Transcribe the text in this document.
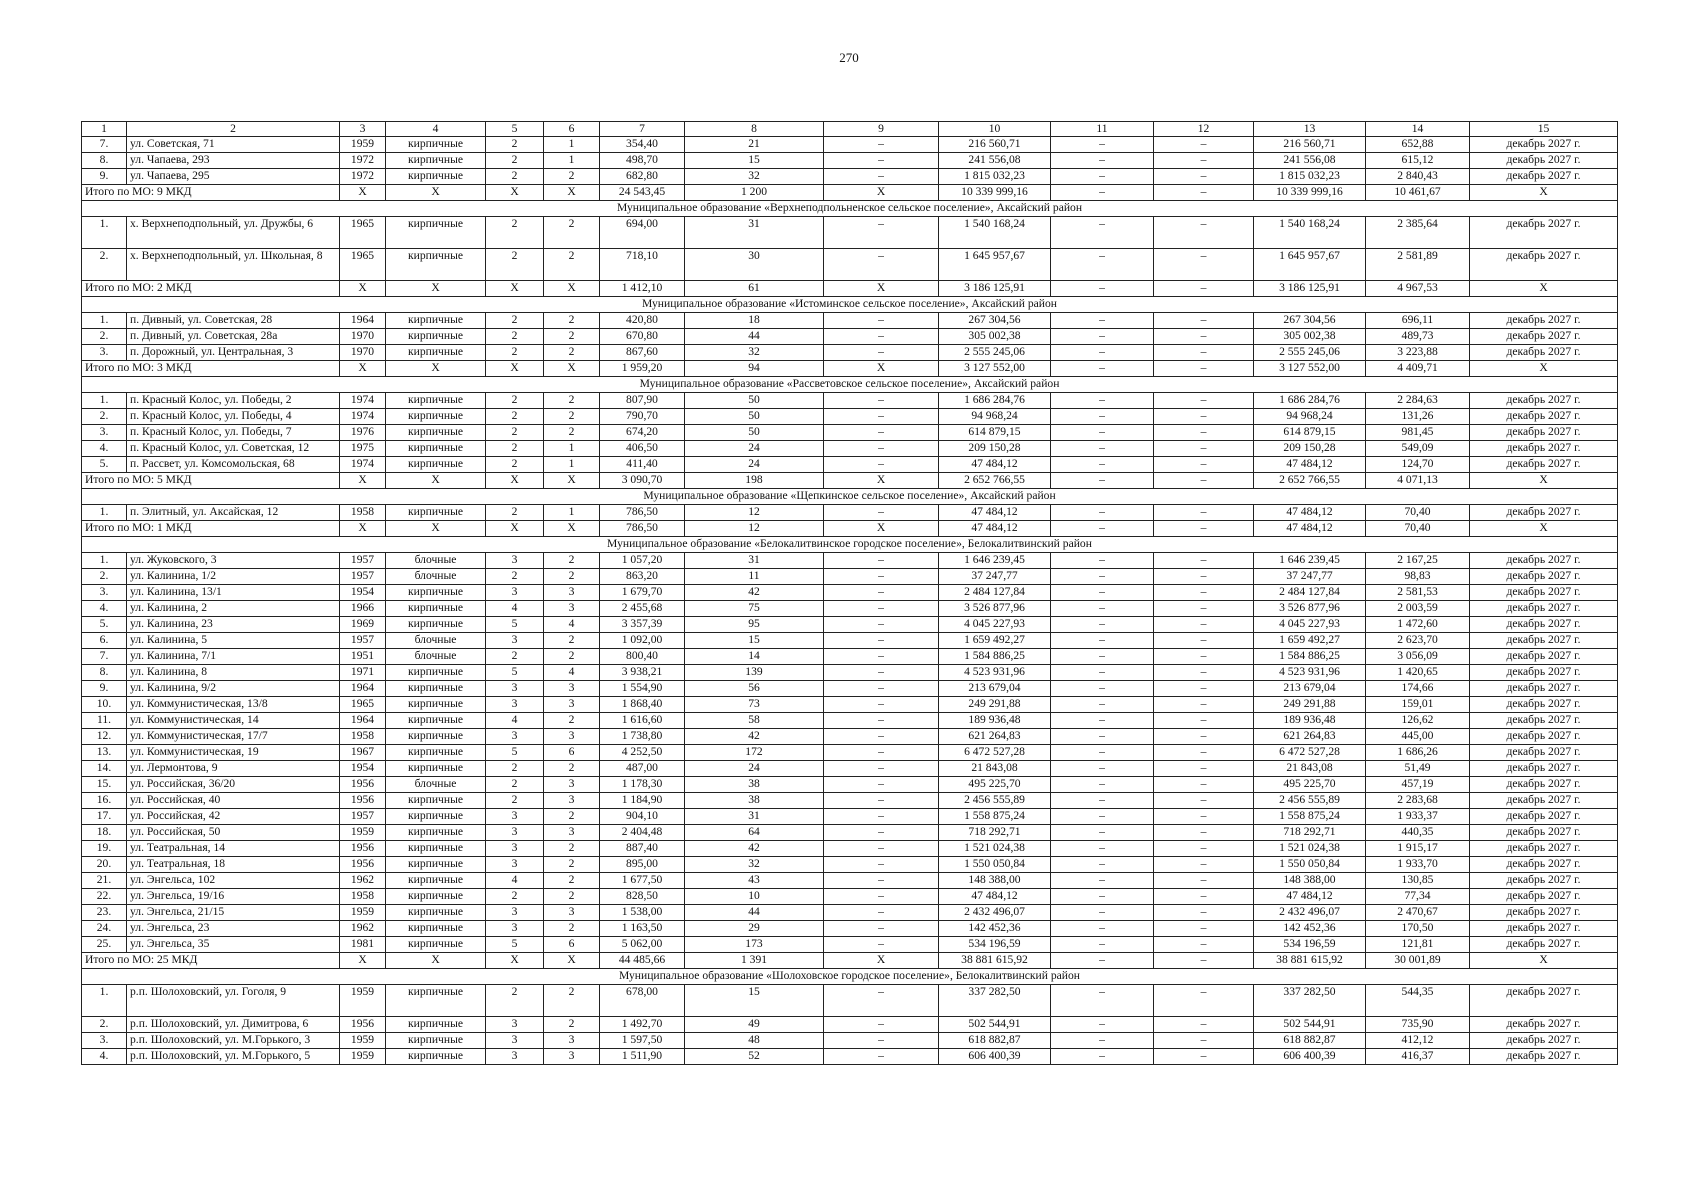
270
1	2	3	4	5	6	7	8	9	10	11	12	13	14	15
7.	ул. Советская, 71	1959	кирпичные	2	1	354,40	21	–	216 560,71	–	–	216 560,71	652,88	декабрь 2027 г.
8.	ул. Чапаева, 293	1972	кирпичные	2	1	498,70	15	–	241 556,08	–	–	241 556,08	615,12	декабрь 2027 г.
9.	ул. Чапаева, 295	1972	кирпичные	2	2	682,80	32	–	1 815 032,23	–	–	1 815 032,23	2 840,43	декабрь 2027 г.
Итого по МО: 9 МКД		X	X	X	X	24 543,45	1 200	X	10 339 999,16	–	–	10 339 999,16	10 461,67	X
Муниципальное образование «Верхнеподпольненское сельское поселение», Аксайский район														
1.	х. Верхнеподпольный, ул. Дружбы, 6	1965	кирпичные	2	2	694,00	31	–	1 540 168,24	–	–	1 540 168,24	2 385,64	декабрь 2027 г.
2.	х. Верхнеподпольный, ул. Школьная, 8	1965	кирпичные	2	2	718,10	30	–	1 645 957,67	–	–	1 645 957,67	2 581,89	декабрь 2027 г.
Итого по МО: 2 МКД		X	X	X	X	1 412,10	61	X	3 186 125,91	–	–	3 186 125,91	4 967,53	X
Муниципальное образование «Истоминское сельское поселение», Аксайский район														
1.	п. Дивный, ул. Советская, 28	1964	кирпичные	2	2	420,80	18	–	267 304,56	–	–	267 304,56	696,11	декабрь 2027 г.
2.	п. Дивный, ул. Советская, 28а	1970	кирпичные	2	2	670,80	44	–	305 002,38	–	–	305 002,38	489,73	декабрь 2027 г.
3.	п. Дорожный, ул. Центральная, 3	1970	кирпичные	2	2	867,60	32	–	2 555 245,06	–	–	2 555 245,06	3 223,88	декабрь 2027 г.
Итого по МО: 3 МКД		X	X	X	X	1 959,20	94	X	3 127 552,00	–	–	3 127 552,00	4 409,71	X
Муниципальное образование «Рассветовское сельское поселение», Аксайский район														
1.	п. Красный Колос, ул. Победы, 2	1974	кирпичные	2	2	807,90	50	–	1 686 284,76	–	–	1 686 284,76	2 284,63	декабрь 2027 г.
2.	п. Красный Колос, ул. Победы, 4	1974	кирпичные	2	2	790,70	50	–	94 968,24	–	–	94 968,24	131,26	декабрь 2027 г.
3.	п. Красный Колос, ул. Победы, 7	1976	кирпичные	2	2	674,20	50	–	614 879,15	–	–	614 879,15	981,45	декабрь 2027 г.
4.	п. Красный Колос, ул. Советская, 12	1975	кирпичные	2	1	406,50	24	–	209 150,28	–	–	209 150,28	549,09	декабрь 2027 г.
5.	п. Рассвет, ул. Комсомольская, 68	1974	кирпичные	2	1	411,40	24	–	47 484,12	–	–	47 484,12	124,70	декабрь 2027 г.
Итого по МО: 5 МКД		X	X	X	X	3 090,70	198	X	2 652 766,55	–	–	2 652 766,55	4 071,13	X
Муниципальное образование «Щепкинское сельское поселение», Аксайский район														
1.	п. Элитный, ул. Аксайская, 12	1958	кирпичные	2	1	786,50	12	–	47 484,12	–	–	47 484,12	70,40	декабрь 2027 г.
Итого по МО: 1 МКД		X	X	X	X	786,50	12	X	47 484,12	–	–	47 484,12	70,40	X
Муниципальное образование «Белокалитвинское городское поселение», Белокалитвинский район														
1.	ул. Жуковского, 3	1957	блочные	3	2	1 057,20	31	–	1 646 239,45	–	–	1 646 239,45	2 167,25	декабрь 2027 г.
2.	ул. Калинина, 1/2	1957	блочные	2	2	863,20	11	–	37 247,77	–	–	37 247,77	98,83	декабрь 2027 г.
3.	ул. Калинина, 13/1	1954	кирпичные	3	3	1 679,70	42	–	2 484 127,84	–	–	2 484 127,84	2 581,53	декабрь 2027 г.
4.	ул. Калинина, 2	1966	кирпичные	4	3	2 455,68	75	–	3 526 877,96	–	–	3 526 877,96	2 003,59	декабрь 2027 г.
5.	ул. Калинина, 23	1969	кирпичные	5	4	3 357,39	95	–	4 045 227,93	–	–	4 045 227,93	1 472,60	декабрь 2027 г.
6.	ул. Калинина, 5	1957	блочные	3	2	1 092,00	15	–	1 659 492,27	–	–	1 659 492,27	2 623,70	декабрь 2027 г.
7.	ул. Калинина, 7/1	1951	блочные	2	2	800,40	14	–	1 584 886,25	–	–	1 584 886,25	3 056,09	декабрь 2027 г.
8.	ул. Калинина, 8	1971	кирпичные	5	4	3 938,21	139	–	4 523 931,96	–	–	4 523 931,96	1 420,65	декабрь 2027 г.
9.	ул. Калинина, 9/2	1964	кирпичные	3	3	1 554,90	56	–	213 679,04	–	–	213 679,04	174,66	декабрь 2027 г.
10.	ул. Коммунистическая, 13/8	1965	кирпичные	3	3	1 868,40	73	–	249 291,88	–	–	249 291,88	159,01	декабрь 2027 г.
11.	ул. Коммунистическая, 14	1964	кирпичные	4	2	1 616,60	58	–	189 936,48	–	–	189 936,48	126,62	декабрь 2027 г.
12.	ул. Коммунистическая, 17/7	1958	кирпичные	3	3	1 738,80	42	–	621 264,83	–	–	621 264,83	445,00	декабрь 2027 г.
13.	ул. Коммунистическая, 19	1967	кирпичные	5	6	4 252,50	172	–	6 472 527,28	–	–	6 472 527,28	1 686,26	декабрь 2027 г.
14.	ул. Лермонтова, 9	1954	кирпичные	2	2	487,00	24	–	21 843,08	–	–	21 843,08	51,49	декабрь 2027 г.
15.	ул. Российская, 36/20	1956	блочные	2	3	1 178,30	38	–	495 225,70	–	–	495 225,70	457,19	декабрь 2027 г.
16.	ул. Российская, 40	1956	кирпичные	2	3	1 184,90	38	–	2 456 555,89	–	–	2 456 555,89	2 283,68	декабрь 2027 г.
17.	ул. Российская, 42	1957	кирпичные	3	2	904,10	31	–	1 558 875,24	–	–	1 558 875,24	1 933,37	декабрь 2027 г.
18.	ул. Российская, 50	1959	кирпичные	3	3	2 404,48	64	–	718 292,71	–	–	718 292,71	440,35	декабрь 2027 г.
19.	ул. Театральная, 14	1956	кирпичные	3	2	887,40	42	–	1 521 024,38	–	–	1 521 024,38	1 915,17	декабрь 2027 г.
20.	ул. Театральная, 18	1956	кирпичные	3	2	895,00	32	–	1 550 050,84	–	–	1 550 050,84	1 933,70	декабрь 2027 г.
21.	ул. Энгельса, 102	1962	кирпичные	4	2	1 677,50	43	–	148 388,00	–	–	148 388,00	130,85	декабрь 2027 г.
22.	ул. Энгельса, 19/16	1958	кирпичные	2	2	828,50	10	–	47 484,12	–	–	47 484,12	77,34	декабрь 2027 г.
23.	ул. Энгельса, 21/15	1959	кирпичные	3	3	1 538,00	44	–	2 432 496,07	–	–	2 432 496,07	2 470,67	декабрь 2027 г.
24.	ул. Энгельса, 23	1962	кирпичные	3	2	1 163,50	29	–	142 452,36	–	–	142 452,36	170,50	декабрь 2027 г.
25.	ул. Энгельса, 35	1981	кирпичные	5	6	5 062,00	173	–	534 196,59	–	–	534 196,59	121,81	декабрь 2027 г.
Итого по МО: 25 МКД		X	X	X	X	44 485,66	1 391	X	38 881 615,92	–	–	38 881 615,92	30 001,89	X
Муниципальное образование «Шолоховское городское поселение», Белокалитвинский район														
1.	р.п. Шолоховский, ул. Гоголя, 9	1959	кирпичные	2	2	678,00	15	–	337 282,50	–	–	337 282,50	544,35	декабрь 2027 г.
2.	р.п. Шолоховский, ул. Димитрова, 6	1956	кирпичные	3	2	1 492,70	49	–	502 544,91	–	–	502 544,91	735,90	декабрь 2027 г.
3.	р.п. Шолоховский, ул. М.Горького, 3	1959	кирпичные	3	3	1 597,50	48	–	618 882,87	–	–	618 882,87	412,12	декабрь 2027 г.
4.	р.п. Шолоховский, ул. М.Горького, 5	1959	кирпичные	3	3	1 511,90	52	–	606 400,39	–	–	606 400,39	416,37	декабрь 2027 г.
